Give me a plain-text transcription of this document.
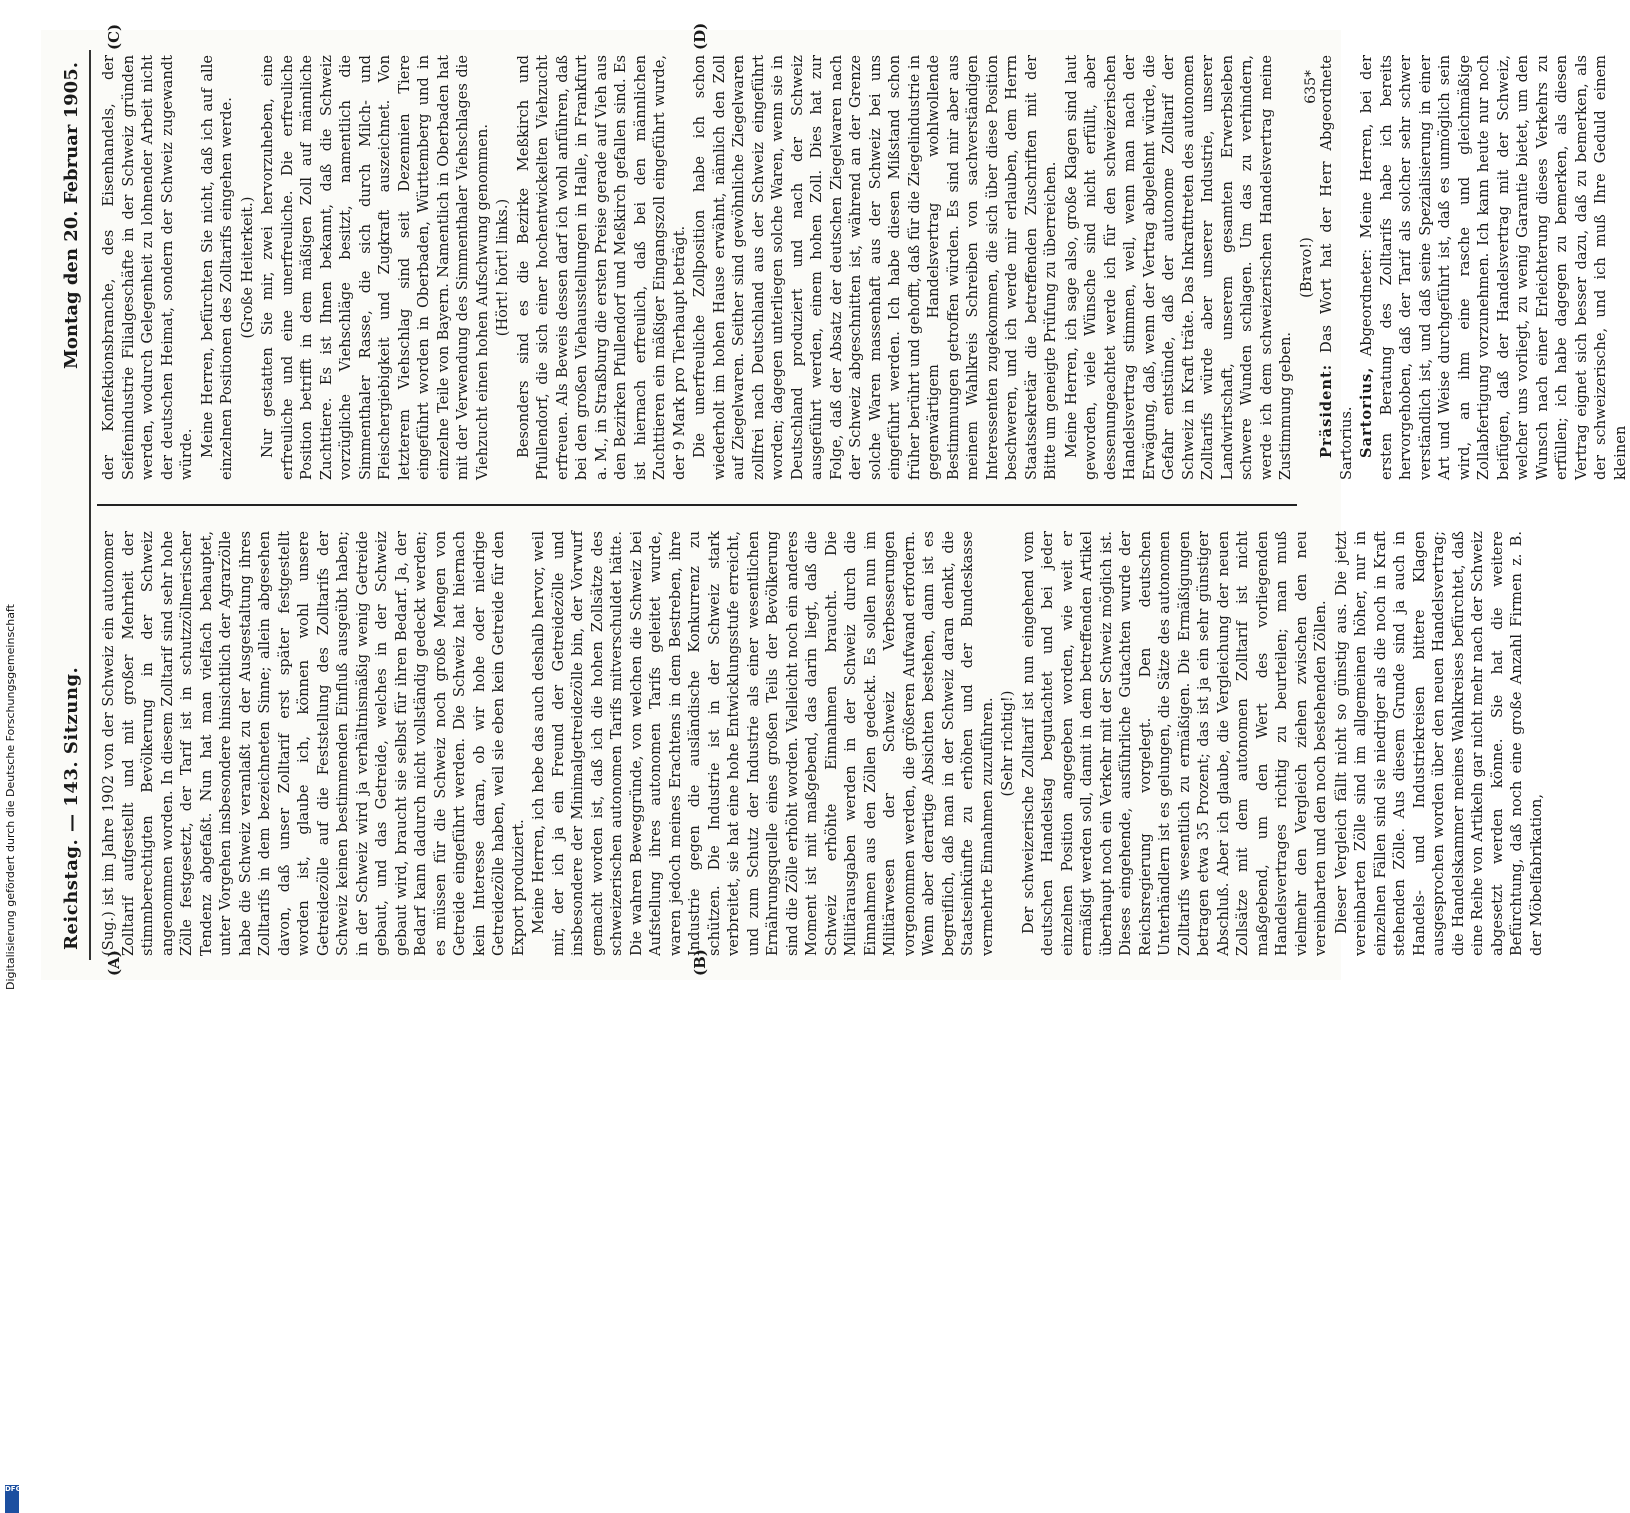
Reichstag. — 143. Sitzung.
Montag den 20. Februar 1905.
(A)	(B)
(C)	(D)

(Sug.) ist im Jahre 1902 von der Schweiz ein autonomer Zolltarif aufgestellt und mit großer Mehrheit der stimmberechtigten Bevölkerung in der Schweiz angenommen worden. In diesem Zolltarif sind sehr hohe Zölle festgesetzt, der Tarif ist in schutzzöllnerischer Tendenz abgefaßt. Nun hat man vielfach behauptet, unter Vorgehen insbesondere hinsichtlich der Agrarzölle habe die Schweiz veranlaßt zu der Ausgestaltung ihres Zolltarifs in dem bezeichneten Sinne; allein abgesehen davon, daß unser Zolltarif erst später festgestellt worden ist, glaube ich, können wohl unsere Getreidezölle auf die Feststellung des Zolltarifs der Schweiz keinen bestimmenden Einfluß ausgeübt haben; in der Schweiz wird ja verhältnismäßig wenig Getreide gebaut, und das Getreide, welches in der Schweiz gebaut wird, braucht sie selbst für ihren Bedarf. Ja, der Bedarf kann dadurch nicht vollständig gedeckt werden; es müssen für die Schweiz noch große Mengen von Getreide eingeführt werden. Die Schweiz hat hiernach kein Interesse daran, ob wir hohe oder niedrige Getreidezölle haben, weil sie eben kein Getreide für den Export produziert. Meine Herren, ich hebe das auch deshalb hervor, weil mir, der ich ja ein Freund der Getreidezölle und insbesondere der Minimalgetreidezölle bin, der Vorwurf gemacht worden ist, daß ich die hohen Zollsätze des schweizerischen autonomen Tarifs mitverschuldet hätte. Die wahren Beweggründe, von welchen die Schweiz bei Aufstellung ihres autonomen Tarifs geleitet wurde, waren jedoch meines Erachtens in dem Bestreben, ihre Industrie gegen die ausländische Konkurrenz zu schützen. Die Industrie ist in der Schweiz stark verbreitet, sie hat eine hohe Entwicklungsstufe erreicht, und zum Schutz der Industrie als einer wesentlichen Ernährungsquelle eines großen Teils der Bevölkerung sind die Zölle erhöht worden. Vielleicht noch ein anderes Moment ist mit maßgebend, das darin liegt, daß die Schweiz erhöhte Einnahmen braucht. Die Militärausgaben werden in der Schweiz durch die Einnahmen aus den Zöllen gedeckt. Es sollen nun im Militärwesen der Schweiz Verbesserungen vorgenommen werden, die größeren Aufwand erfordern. Wenn aber derartige Absichten bestehen, dann ist es begreiflich, daß man in der Schweiz daran denkt, die Staatseinkünfte zu erhöhen und der Bundeskasse vermehrte Einnahmen zuzuführen. (Sehr richtig!) Der schweizerische Zolltarif ist nun eingehend vom deutschen Handelstag begutachtet und bei jeder einzelnen Position angegeben worden, wie weit er ermäßigt werden soll, damit in dem betreffenden Artikel überhaupt noch ein Verkehr mit der Schweiz möglich ist. Dieses eingehende, ausführliche Gutachten wurde der Reichsregierung vorgelegt. Den deutschen Unterhändlern ist es gelungen, die Sätze des autonomen Zolltarifs wesentlich zu ermäßigen. Die Ermäßigungen betragen etwa 35 Prozent; das ist ja ein sehr günstiger Abschluß. Aber ich glaube, die Vergleichung der neuen Zollsätze mit dem autonomen Zolltarif ist nicht maßgebend, um den Wert des vorliegenden Handelsvertrages richtig zu beurteilen; man muß vielmehr den Vergleich ziehen zwischen den neu vereinbarten und den noch bestehenden Zöllen. Dieser Vergleich fällt nicht so günstig aus. Die jetzt vereinbarten Zölle sind im allgemeinen höher, nur in einzelnen Fällen sind sie niedriger als die noch in Kraft stehenden Zölle. Aus diesem Grunde sind ja auch in Handels- und Industriekreisen bittere Klagen ausgesprochen worden über den neuen Handelsvertrag; die Handelskammer meines Wahlkreises befürchtet, daß eine Reihe von Artikeln gar nicht mehr nach der Schweiz abgesetzt werden könne. Sie hat die weitere Befürchtung, daß noch eine große Anzahl Firmen z. B. der Möbelfabrikation,

der Konfektionsbranche, des Eisenhandels, der Seifenindustrie Filialgeschäfte in der Schweiz gründen werden, wodurch Gelegenheit zu lohnender Arbeit nicht der deutschen Heimat, sondern der Schweiz zugewandt würde. Meine Herren, befürchten Sie nicht, daß ich auf alle einzelnen Positionen des Zolltarifs eingehen werde. (Große Heiterkeit.) Nur gestatten Sie mir, zwei hervorzuheben, eine erfreuliche und eine unerfreuliche. Die erfreuliche Position betrifft in dem mäßigen Zoll auf männliche Zuchttiere. Es ist Ihnen bekannt, daß die Schweiz vorzügliche Viehschläge besitzt, namentlich die Simmenthaler Rasse, die sich durch Milch- und Fleischergiebigkeit und Zugkraft auszeichnet. Von letzterem Viehschlag sind seit Dezennien Tiere eingeführt worden in Oberbaden, Württemberg und in einzelne Teile von Bayern. Namentlich in Oberbaden hat mit der Verwendung des Simmenthaler Viehschlages die Viehzucht einen hohen Aufschwung genommen. (Hört! hört! links.) Besonders sind es die Bezirke Meßkirch und Pfullendorf, die sich einer hochentwickelten Viehzucht erfreuen. Als Beweis dessen darf ich wohl anführen, daß bei den großen Viehausstellungen in Halle, in Frankfurt a. M., in Straßburg die ersten Preise gerade auf Vieh aus den Bezirken Pfullendorf und Meßkirch gefallen sind. Es ist hiernach erfreulich, daß bei den männlichen Zuchttieren ein mäßiger Eingangszoll eingeführt wurde, der 9 Mark pro Tierhaupt beträgt. Die unerfreuliche Zollposition habe ich schon wiederholt im hohen Hause erwähnt, nämlich den Zoll auf Ziegelwaren. Seither sind gewöhnliche Ziegelwaren zollfrei nach Deutschland aus der Schweiz eingeführt worden; dagegen unterliegen solche Waren, wenn sie in Deutschland produziert und nach der Schweiz ausgeführt werden, einem hohen Zoll. Dies hat zur Folge, daß der Absatz der deutschen Ziegelwaren nach der Schweiz abgeschnitten ist, während an der Grenze solche Waren massenhaft aus der Schweiz bei uns eingeführt werden. Ich habe diesen Mißstand schon früher berührt und gehofft, daß für die Ziegelindustrie in gegenwärtigem Handelsvertrag wohlwollende Bestimmungen getroffen würden. Es sind mir aber aus meinem Wahlkreis Schreiben von sachverständigen Interessenten zugekommen, die sich über diese Position beschweren, und ich werde mir erlauben, dem Herrn Staatssekretär die betreffenden Zuschriften mit der Bitte um geneigte Prüfung zu überreichen. Meine Herren, ich sage also, große Klagen sind laut geworden, viele Wünsche sind nicht erfüllt, aber dessenungeachtet werde ich für den schweizerischen Handelsvertrag stimmen, weil, wenn man nach der Erwägung, daß, wenn der Vertrag abgelehnt würde, die Gefahr entstünde, daß der autonome Zolltarif der Schweiz in Kraft träte. Das Inkrafttreten des autonomen Zolltarifs würde aber unserer Industrie, unserer Landwirtschaft, unserem gesamten Erwerbsleben schwere Wunden schlagen. Um das zu verhindern, werde ich dem schweizerischen Handelsvertrag meine Zustimmung geben.

(Bravo!)

Präsident: Das Wort hat der Herr Abgeordnete Sartorius. Sartorius, Abgeordneter: Meine Herren, bei der ersten Beratung des Zolltarifs habe ich bereits hervorgehoben, daß der Tarif als solcher sehr schwer verständlich ist, und daß seine Spezialisierung in einer Art und Weise durchgeführt ist, daß es unmöglich sein wird, an ihm eine rasche und gleichmäßige Zollabfertigung vorzunehmen. Ich kann heute nur noch beifügen, daß der Handelsvertrag mit der Schweiz, welcher uns vorliegt, zu wenig Garantie bietet, um den Wunsch nach einer Erleichterung dieses Verkehrs zu erfüllen; ich habe dagegen zu bemerken, als diesen Vertrag eignet sich besser dazu, daß zu bemerken, als der schweizerische, und ich muß Ihre Geduld einem kleinen

635*
Digitalisierung gefördert durch die Deutsche Forschungsgemeinschaft
DFG
